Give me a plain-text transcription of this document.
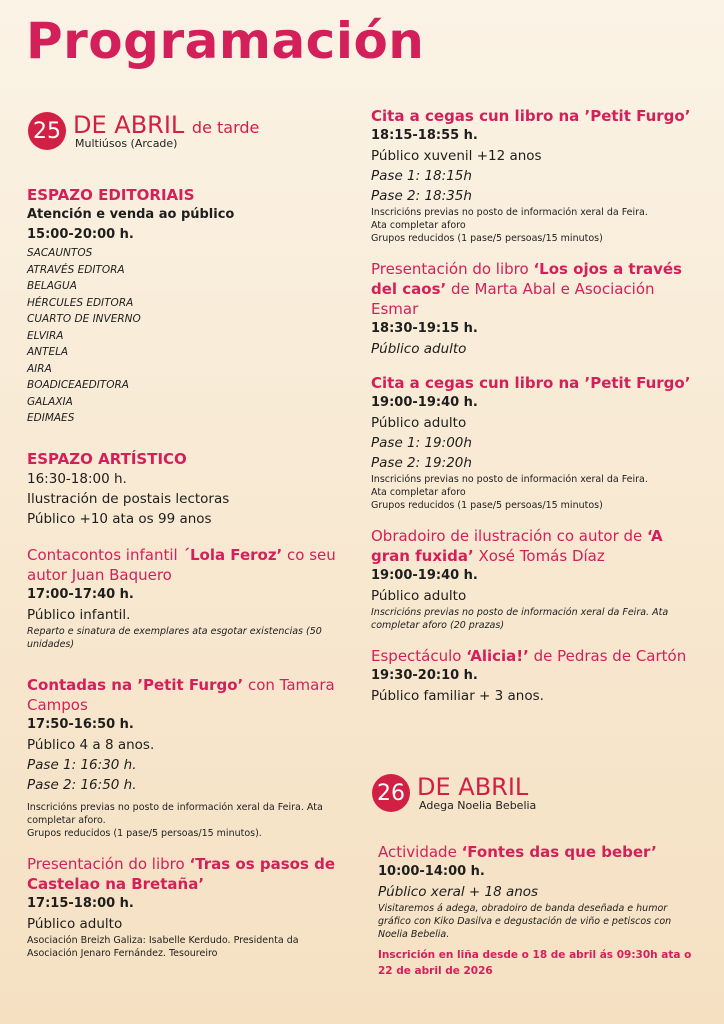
Programación
25 DE ABRIL de tarde
Multiúsos (Arcade)
ESPAZO EDITORIAIS
Atención e venda ao público
15:00-20:00 h.
SACAUNTOS
ATRAVÉS EDITORA
BELAGUA
HÉRCULES EDITORA
CUARTO DE INVERNO
ELVIRA
ANTELA
AIRA
BOADICEAEDITORA
GALAXIA
EDIMAES
ESPAZO ARTÍSTICO
16:30-18:00 h.
Ilustración de postais lectoras
Público +10 ata os 99 anos
Contacontos infantil ´Lola Feroz’ co seu autor Juan Baquero
17:00-17:40 h.
Público infantil.
Reparto e sinatura de exemplares ata esgotar existencias (50 unidades)
Contadas na ’Petit Furgo’ con Tamara Campos
17:50-16:50 h.
Público 4 a 8 anos.
Pase 1: 16:30 h.
Pase 2: 16:50 h.
Inscricións previas no posto de información xeral da Feira. Ata completar aforo.
Grupos reducidos (1 pase/5 persoas/15 minutos).
Presentación do libro ‘Tras os pasos de Castelao na Bretaña’
17:15-18:00 h.
Público adulto
Asociación Breizh Galiza: Isabelle Kerdudo. Presidenta da Asociación Jenaro Fernández. Tesoureiro
Cita a cegas cun libro na ’Petit Furgo’
18:15-18:55 h.
Público xuvenil +12 anos
Pase 1: 18:15h
Pase 2: 18:35h
Inscricións previas no posto de información xeral da Feira.
Ata completar aforo
Grupos reducidos (1 pase/5 persoas/15 minutos)
Presentación do libro ‘Los ojos a través del caos’ de Marta Abal e Asociación Esmar
18:30-19:15 h.
Público adulto
Cita a cegas cun libro na ’Petit Furgo’
19:00-19:40 h.
Público adulto
Pase 1: 19:00h
Pase 2: 19:20h
Inscricións previas no posto de información xeral da Feira.
Ata completar aforo
Grupos reducidos (1 pase/5 persoas/15 minutos)
Obradoiro de ilustración co autor de ‘A gran fuxida’ Xosé Tomás Díaz
19:00-19:40 h.
Público adulto
Inscricións previas no posto de información xeral da Feira. Ata completar aforo (20 prazas)
Espectáculo ‘Alicia!’ de Pedras de Cartón
19:30-20:10 h.
Público familiar + 3 anos.
26 DE ABRIL
Adega Noelia Bebelia
Actividade ‘Fontes das que beber’
10:00-14:00 h.
Público xeral + 18 anos
Visitaremos á adega, obradoiro de banda deseñada e humor gráfico con Kiko Dasilva e degustación de viño e petiscos con Noelia Bebelia.
Inscrición en liña desde o 18 de abril ás 09:30h ata o 22 de abril de 2026
